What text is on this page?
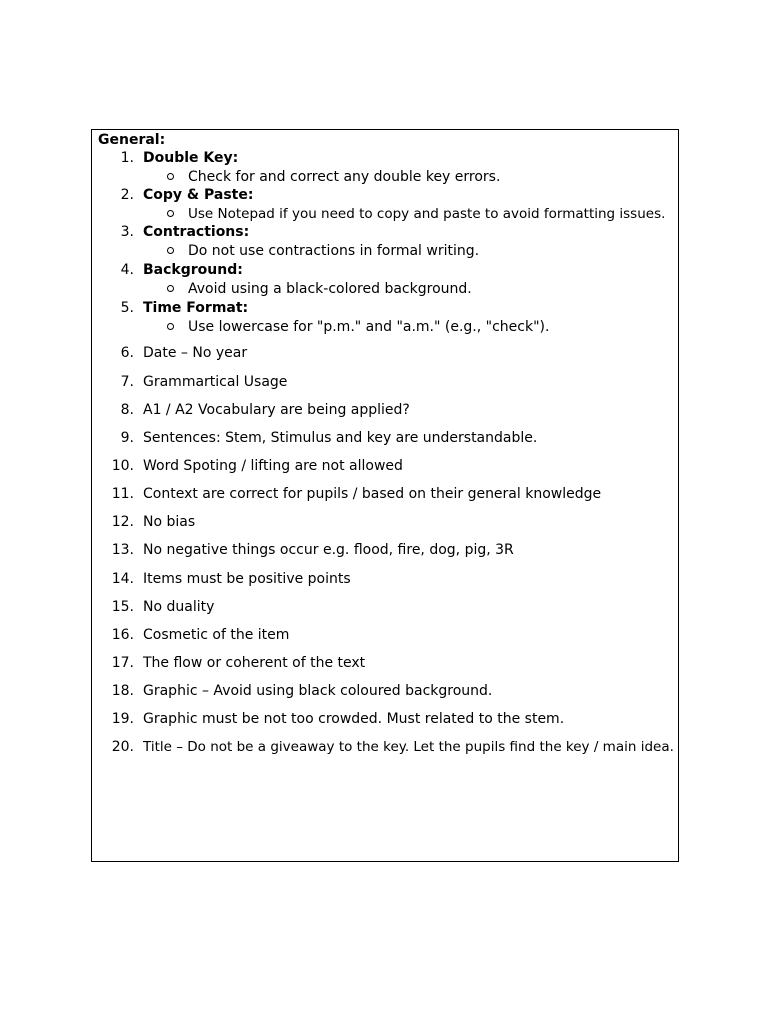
General:
1. Double Key:
Check for and correct any double key errors.
2. Copy & Paste:
Use Notepad if you need to copy and paste to avoid formatting issues.
3. Contractions:
Do not use contractions in formal writing.
4. Background:
Avoid using a black-colored background.
5. Time Format:
Use lowercase for "p.m." and "a.m." (e.g., "check").
6. Date – No year
7. Grammartical Usage
8. A1 / A2 Vocabulary are being applied?
9. Sentences: Stem, Stimulus and key are understandable.
10. Word Spoting / lifting are not allowed
11. Context are correct for pupils / based on their general knowledge
12. No bias
13. No negative things occur e.g. flood, fire, dog, pig, 3R
14. Items must be positive points
15. No duality
16. Cosmetic of the item
17. The flow or coherent of the text
18. Graphic – Avoid using black coloured background.
19. Graphic must be not too crowded. Must related to the stem.
20. Title – Do not be a giveaway to the key. Let the pupils find the key / main idea.
